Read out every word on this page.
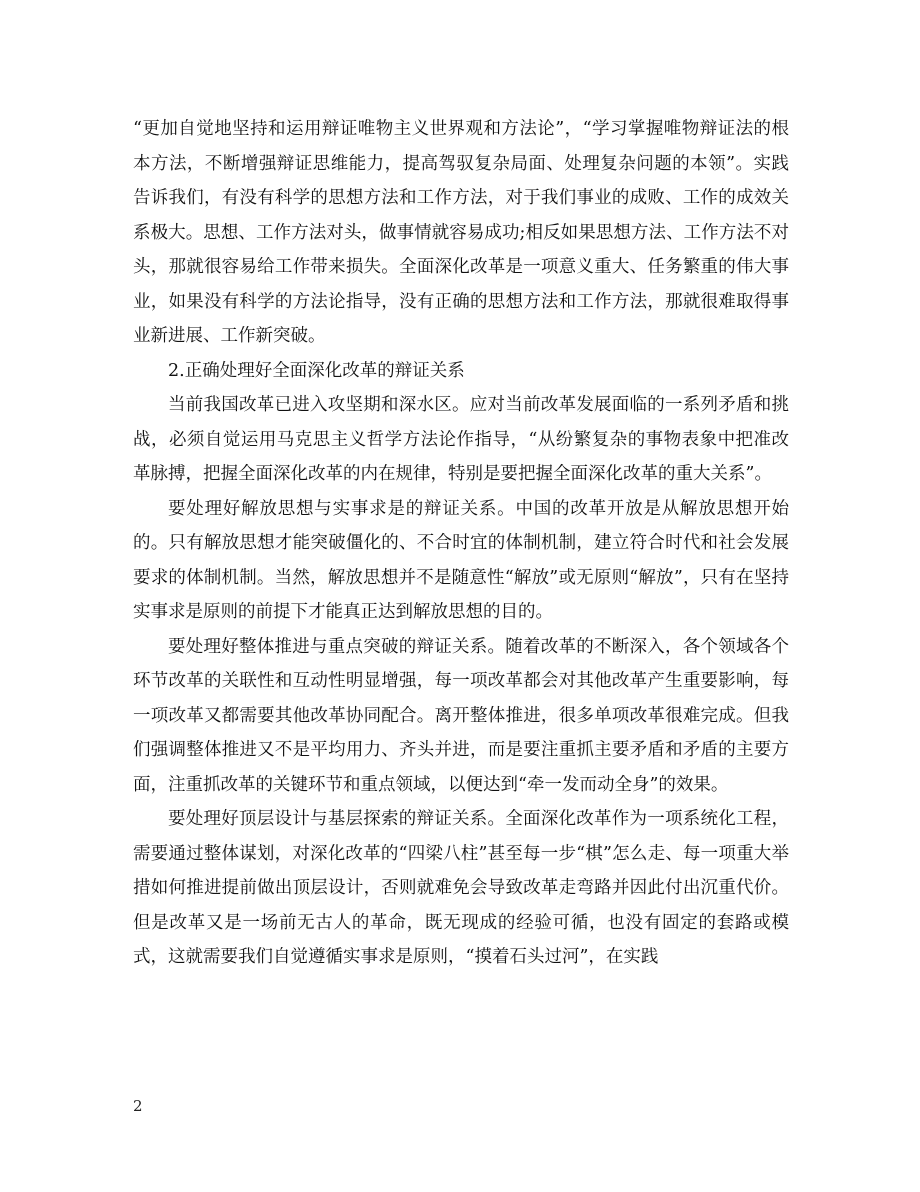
“更加自觉地坚持和运用辩证唯物主义世界观和方法论”，“学习掌握唯物辩证法的根本方法，不断增强辩证思维能力，提高驾驭复杂局面、处理复杂问题的本领”。实践告诉我们，有没有科学的思想方法和工作方法，对于我们事业的成败、工作的成效关系极大。思想、工作方法对头，做事情就容易成功;相反如果思想方法、工作方法不对头，那就很容易给工作带来损失。全面深化改革是一项意义重大、任务繁重的伟大事业，如果没有科学的方法论指导，没有正确的思想方法和工作方法，那就很难取得事业新进展、工作新突破。

2.正确处理好全面深化改革的辩证关系

当前我国改革已进入攻坚期和深水区。应对当前改革发展面临的一系列矛盾和挑战，必须自觉运用马克思主义哲学方法论作指导，“从纷繁复杂的事物表象中把准改革脉搏，把握全面深化改革的内在规律，特别是要把握全面深化改革的重大关系”。

要处理好解放思想与实事求是的辩证关系。中国的改革开放是从解放思想开始的。只有解放思想才能突破僵化的、不合时宜的体制机制，建立符合时代和社会发展要求的体制机制。当然，解放思想并不是随意性“解放”或无原则“解放”，只有在坚持实事求是原则的前提下才能真正达到解放思想的目的。

要处理好整体推进与重点突破的辩证关系。随着改革的不断深入，各个领域各个环节改革的关联性和互动性明显增强，每一项改革都会对其他改革产生重要影响，每一项改革又都需要其他改革协同配合。离开整体推进，很多单项改革很难完成。但我们强调整体推进又不是平均用力、齐头并进，而是要注重抓主要矛盾和矛盾的主要方面，注重抓改革的关键环节和重点领域，以便达到“牵一发而动全身”的效果。

要处理好顶层设计与基层探索的辩证关系。全面深化改革作为一项系统化工程，需要通过整体谋划，对深化改革的“四梁八柱”甚至每一步“棋”怎么走、每一项重大举措如何推进提前做出顶层设计，否则就难免会导致改革走弯路并因此付出沉重代价。但是改革又是一场前无古人的革命，既无现成的经验可循，也没有固定的套路或模式，这就需要我们自觉遵循实事求是原则，“摸着石头过河”，在实践

2
